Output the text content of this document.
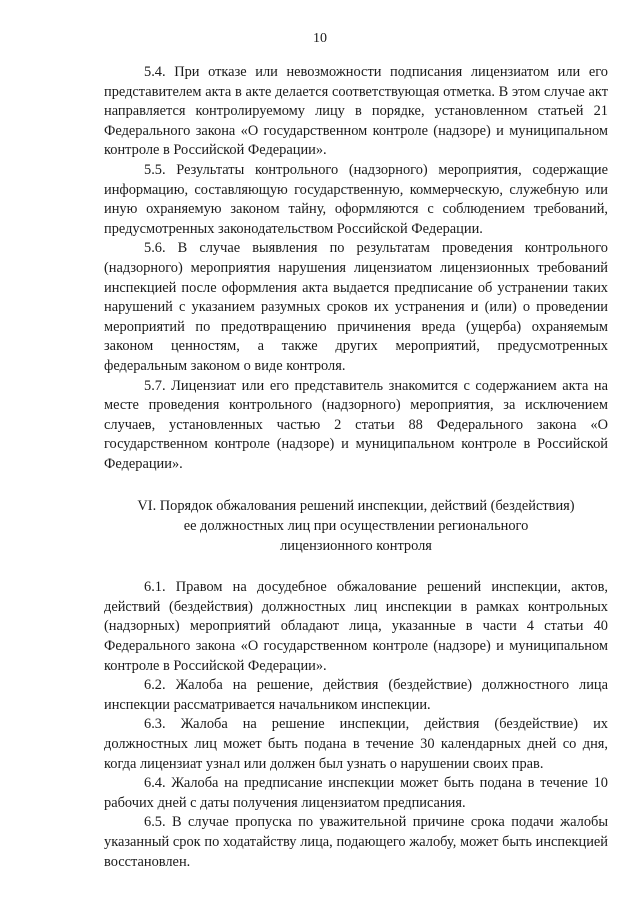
10

5.4. При отказе или невозможности подписания лицензиатом или его представителем акта в акте делается соответствующая отметка. В этом случае акт направляется контролируемому лицу в порядке, установленном статьей 21 Федерального закона «О государственном контроле (надзоре) и муниципальном контроле в Российской Федерации».

5.5. Результаты контрольного (надзорного) мероприятия, содержащие информацию, составляющую государственную, коммерческую, служебную или иную охраняемую законом тайну, оформляются с соблюдением требований, предусмотренных законодательством Российской Федерации.

5.6. В случае выявления по результатам проведения контрольного (надзорного) мероприятия нарушения лицензиатом лицензионных требований инспекцией после оформления акта выдается предписание об устранении таких нарушений с указанием разумных сроков их устранения и (или) о проведении мероприятий по предотвращению причинения вреда (ущерба) охраняемым законом ценностям, а также других мероприятий, предусмотренных федеральным законом о виде контроля.

5.7. Лицензиат или его представитель знакомится с содержанием акта на месте проведения контрольного (надзорного) мероприятия, за исключением случаев, установленных частью 2 статьи 88 Федерального закона «О государственном контроле (надзоре) и муниципальном контроле в Российской Федерации».

VI. Порядок обжалования решений инспекции, действий (бездействия)
ее должностных лиц при осуществлении регионального
лицензионного контроля

6.1. Правом на досудебное обжалование решений инспекции, актов, действий (бездействия) должностных лиц инспекции в рамках контрольных (надзорных) мероприятий обладают лица, указанные в части 4 статьи 40 Федерального закона «О государственном контроле (надзоре) и муниципальном контроле в Российской Федерации».

6.2. Жалоба на решение, действия (бездействие) должностного лица инспекции рассматривается начальником инспекции.

6.3. Жалоба на решение инспекции, действия (бездействие) их должностных лиц может быть подана в течение 30 календарных дней со дня, когда лицензиат узнал или должен был узнать о нарушении своих прав.

6.4. Жалоба на предписание инспекции может быть подана в течение 10 рабочих дней с даты получения лицензиатом предписания.

6.5. В случае пропуска по уважительной причине срока подачи жалобы указанный срок по ходатайству лица, подающего жалобу, может быть инспекцией восстановлен.
